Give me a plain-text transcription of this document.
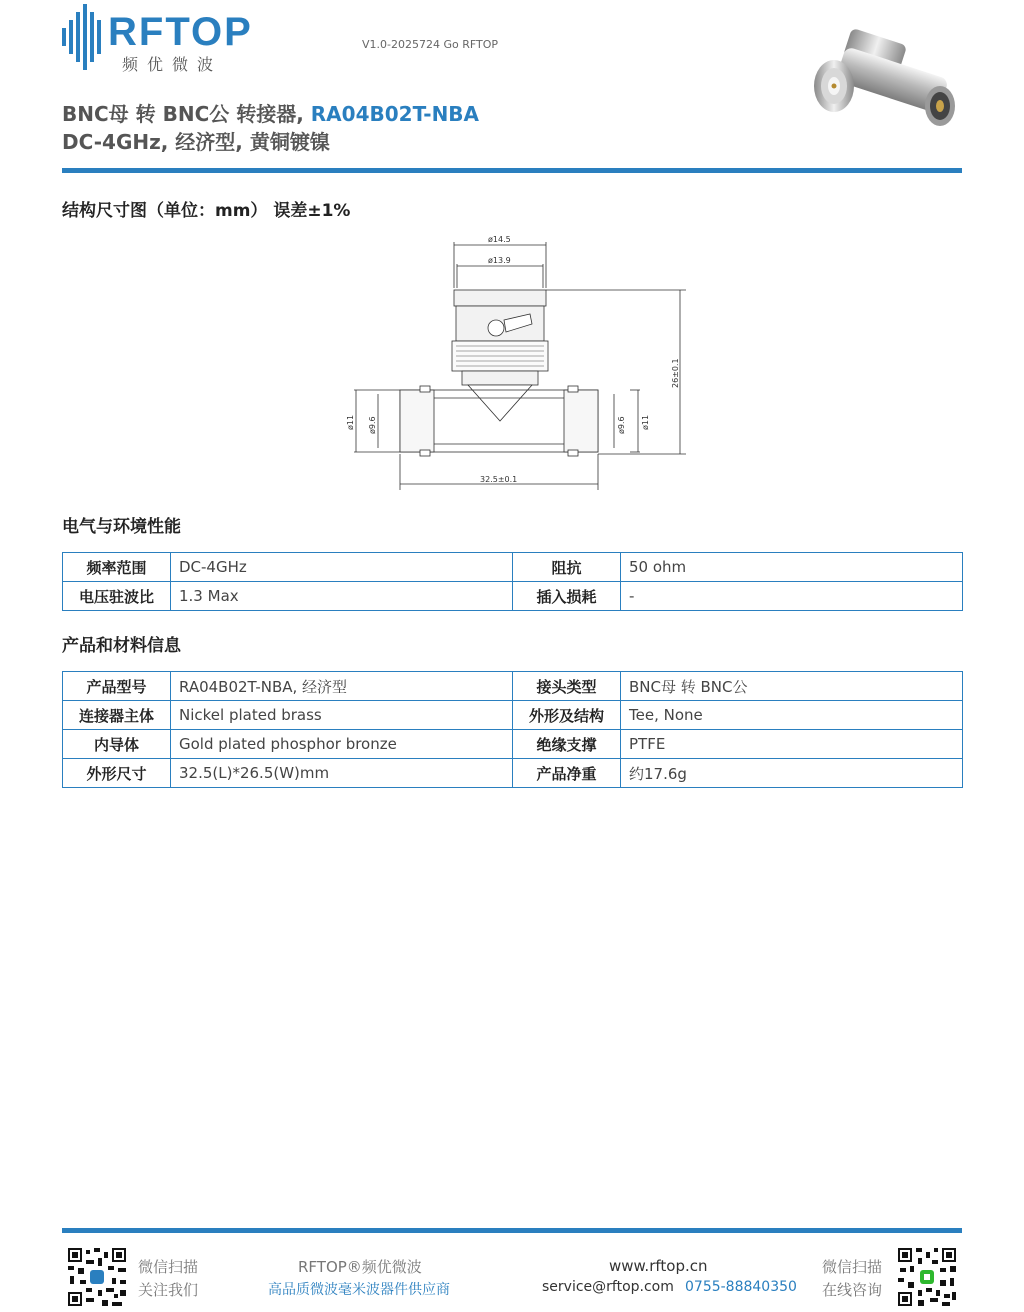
RFTOP
频优微波
V1.0-2025724 Go RFTOP
BNC母 转 BNC公 转接器, RA04B02T-NBA
DC-4GHz, 经济型, 黄铜镀镍
结构尺寸图（单位：mm） 误差±1%
ø14.5
ø13.9
26±0.1
ø11 ø9.6	ø9.6 ø11
32.5±0.1
电气与环境性能
频率范围	DC-4GHz	阻抗	50 ohm
电压驻波比	1.3 Max	插入损耗	-
产品和材料信息
产品型号	RA04B02T-NBA, 经济型	接头类型	BNC母 转 BNC公
连接器主体	Nickel plated brass	外形及结构	Tee, None
内导体	Gold plated phosphor bronze	绝缘支撑	PTFE
外形尺寸	32.5(L)*26.5(W)mm	产品净重	约17.6g
微信扫描
关注我们
RFTOP®频优微波
高品质微波毫米波器件供应商
www.rftop.cn
service@rftop.com 0755-88840350
微信扫描
在线咨询
